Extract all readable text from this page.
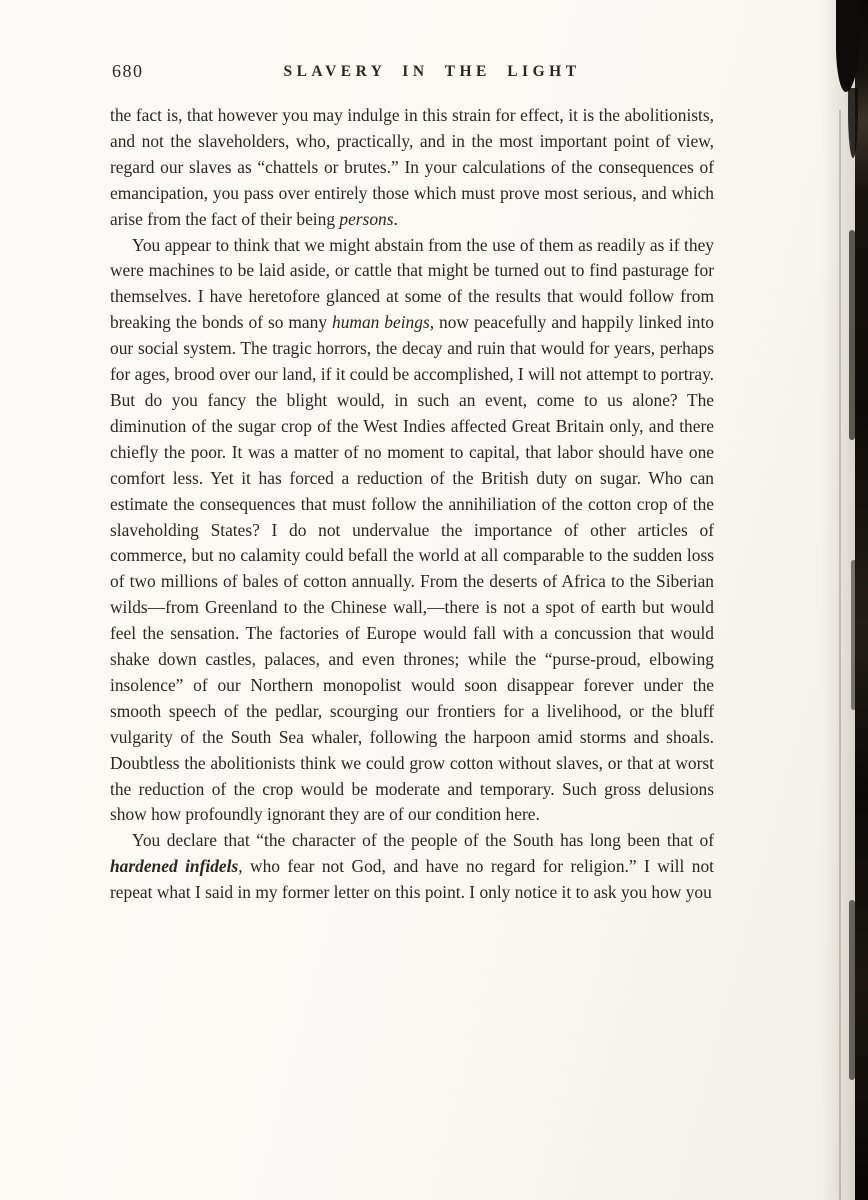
680	SLAVERY IN THE LIGHT

the fact is, that however you may indulge in this strain for effect, it is the abolitionists, and not the slaveholders, who, practically, and in the most important point of view, regard our slaves as “chattels or brutes.” In your calculations of the consequences of emancipation, you pass over entirely those which must prove most serious, and which arise from the fact of their being persons.

You appear to think that we might abstain from the use of them as readily as if they were machines to be laid aside, or cattle that might be turned out to find pasturage for themselves. I have heretofore glanced at some of the results that would follow from breaking the bonds of so many human beings, now peacefully and happily linked into our social system. The tragic horrors, the decay and ruin that would for years, perhaps for ages, brood over our land, if it could be accomplished, I will not attempt to portray. But do you fancy the blight would, in such an event, come to us alone? The diminution of the sugar crop of the West Indies affected Great Britain only, and there chiefly the poor. It was a matter of no moment to capital, that labor should have one comfort less. Yet it has forced a reduction of the British duty on sugar. Who can estimate the consequences that must follow the annihiliation of the cotton crop of the slaveholding States? I do not undervalue the importance of other articles of commerce, but no calamity could befall the world at all comparable to the sudden loss of two millions of bales of cotton annually. From the deserts of Africa to the Siberian wilds—from Greenland to the Chinese wall,—there is not a spot of earth but would feel the sensation. The factories of Europe would fall with a concussion that would shake down castles, palaces, and even thrones; while the “purse-proud, elbowing insolence” of our Northern monopolist would soon disappear forever under the smooth speech of the pedlar, scourging our frontiers for a livelihood, or the bluff vulgarity of the South Sea whaler, following the harpoon amid storms and shoals. Doubtless the abolitionists think we could grow cotton without slaves, or that at worst the reduction of the crop would be moderate and temporary. Such gross delusions show how profoundly ignorant they are of our condition here.

You declare that “the character of the people of the South has long been that of hardened infidels, who fear not God, and have no regard for religion.” I will not repeat what I said in my former letter on this point. I only notice it to ask you how you
